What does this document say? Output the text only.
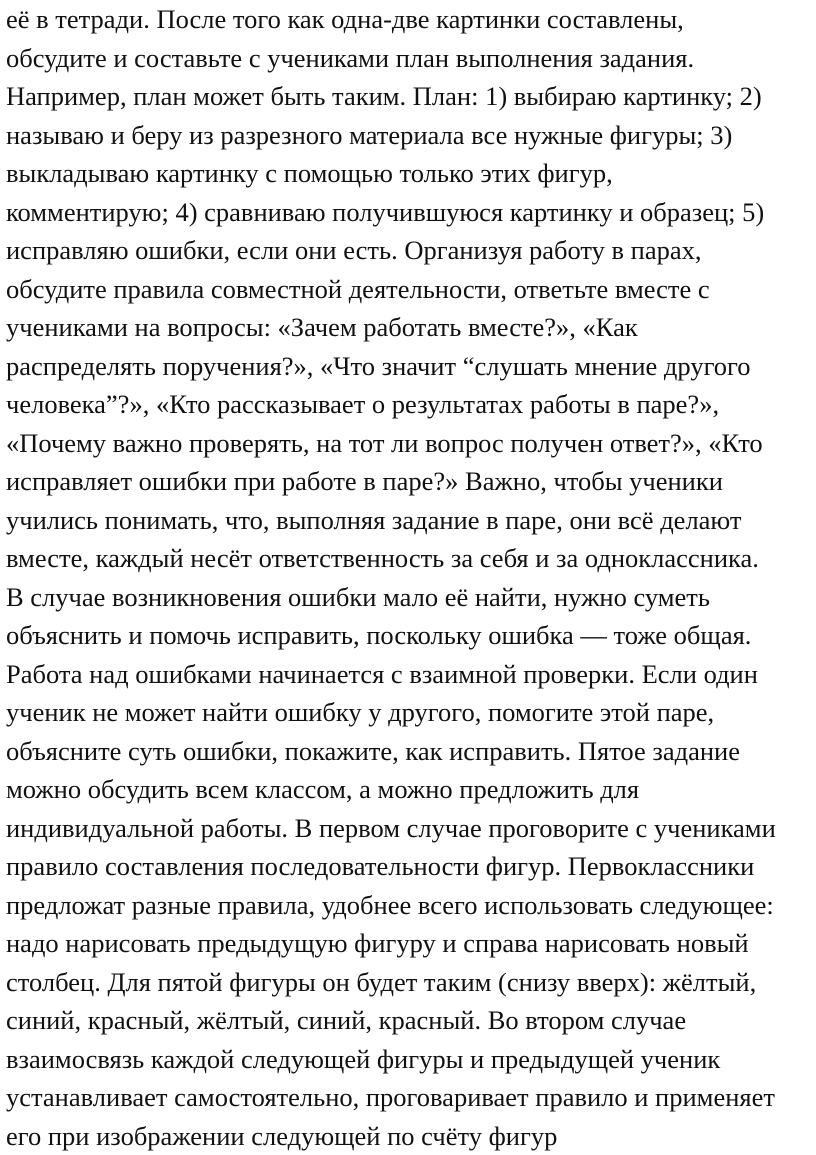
её в тетради. После того как одна-две картинки составлены,
обсудите и составьте с учениками план выполнения задания.
Например, план может быть таким. План: 1) выбираю картинку; 2)
называю и беру из разрезного материала все нужные фигуры; 3)
выкладываю картинку с помощью только этих фигур,
комментирую; 4) сравниваю получившуюся картинку и образец; 5)
исправляю ошибки, если они есть. Организуя работу в парах,
обсудите правила совместной деятельности, ответьте вместе с
учениками на вопросы: «Зачем работать вместе?», «Как
распределять поручения?», «Что значит “слушать мнение другого
человека”?», «Кто рассказывает о результатах работы в паре?»,
«Почему важно проверять, на тот ли вопрос получен ответ?», «Кто
исправляет ошибки при работе в паре?» Важно, чтобы ученики
учились понимать, что, выполняя задание в паре, они всё делают
вместе, каждый несёт ответственность за себя и за одноклассника.
В случае возникновения ошибки мало её найти, нужно суметь
объяснить и помочь исправить, поскольку ошибка — тоже общая.
Работа над ошибками начинается с взаимной проверки. Если один
ученик не может найти ошибку у другого, помогите этой паре,
объясните суть ошибки, покажите, как исправить. Пятое задание
можно обсудить всем классом, а можно предложить для
индивидуальной работы. В первом случае проговорите с учениками
правило составления последовательности фигур. Первоклассники
предложат разные правила, удобнее всего использовать следующее:
надо нарисовать предыдущую фигуру и справа нарисовать новый
столбец. Для пятой фигуры он будет таким (снизу вверх): жёлтый,
синий, красный, жёлтый, синий, красный. Во втором случае
взаимосвязь каждой следующей фигуры и предыдущей ученик
устанавливает самостоятельно, проговаривает правило и применяет
его при изображении следующей по счёту фигур
